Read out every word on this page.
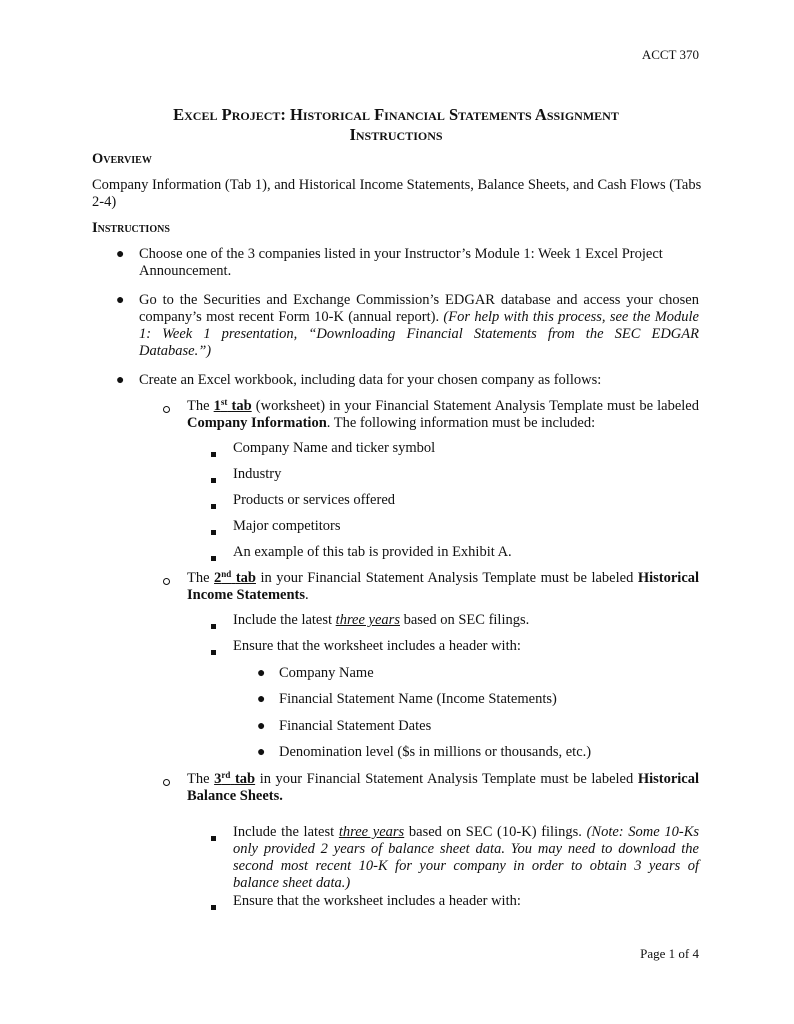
ACCT 370
Excel Project: Historical Financial Statements Assignment
Instructions
Overview
Company Information (Tab 1), and Historical Income Statements, Balance Sheets, and Cash Flows (Tabs 2-4)
Instructions
● Choose one of the 3 companies listed in your Instructor’s Module 1: Week 1 Excel Project Announcement.
● Go to the Securities and Exchange Commission’s EDGAR database and access your chosen company’s most recent Form 10-K (annual report). (For help with this process, see the Module 1: Week 1 presentation, “Downloading Financial Statements from the SEC EDGAR Database.”)
● Create an Excel workbook, including data for your chosen company as follows:
The 1st tab (worksheet) in your Financial Statement Analysis Template must be labeled Company Information. The following information must be included:
Company Name and ticker symbol
Industry
Products or services offered
Major competitors
An example of this tab is provided in Exhibit A.
The 2nd tab in your Financial Statement Analysis Template must be labeled Historical Income Statements.
Include the latest three years based on SEC filings.
Ensure that the worksheet includes a header with:
● Company Name
● Financial Statement Name (Income Statements)
● Financial Statement Dates
● Denomination level ($s in millions or thousands, etc.)
The 3rd tab in your Financial Statement Analysis Template must be labeled Historical Balance Sheets.
Include the latest three years based on SEC (10-K) filings. (Note: Some 10-Ks only provided 2 years of balance sheet data. You may need to download the second most recent 10-K for your company in order to obtain 3 years of balance sheet data.)
Ensure that the worksheet includes a header with:
Page 1 of 4
